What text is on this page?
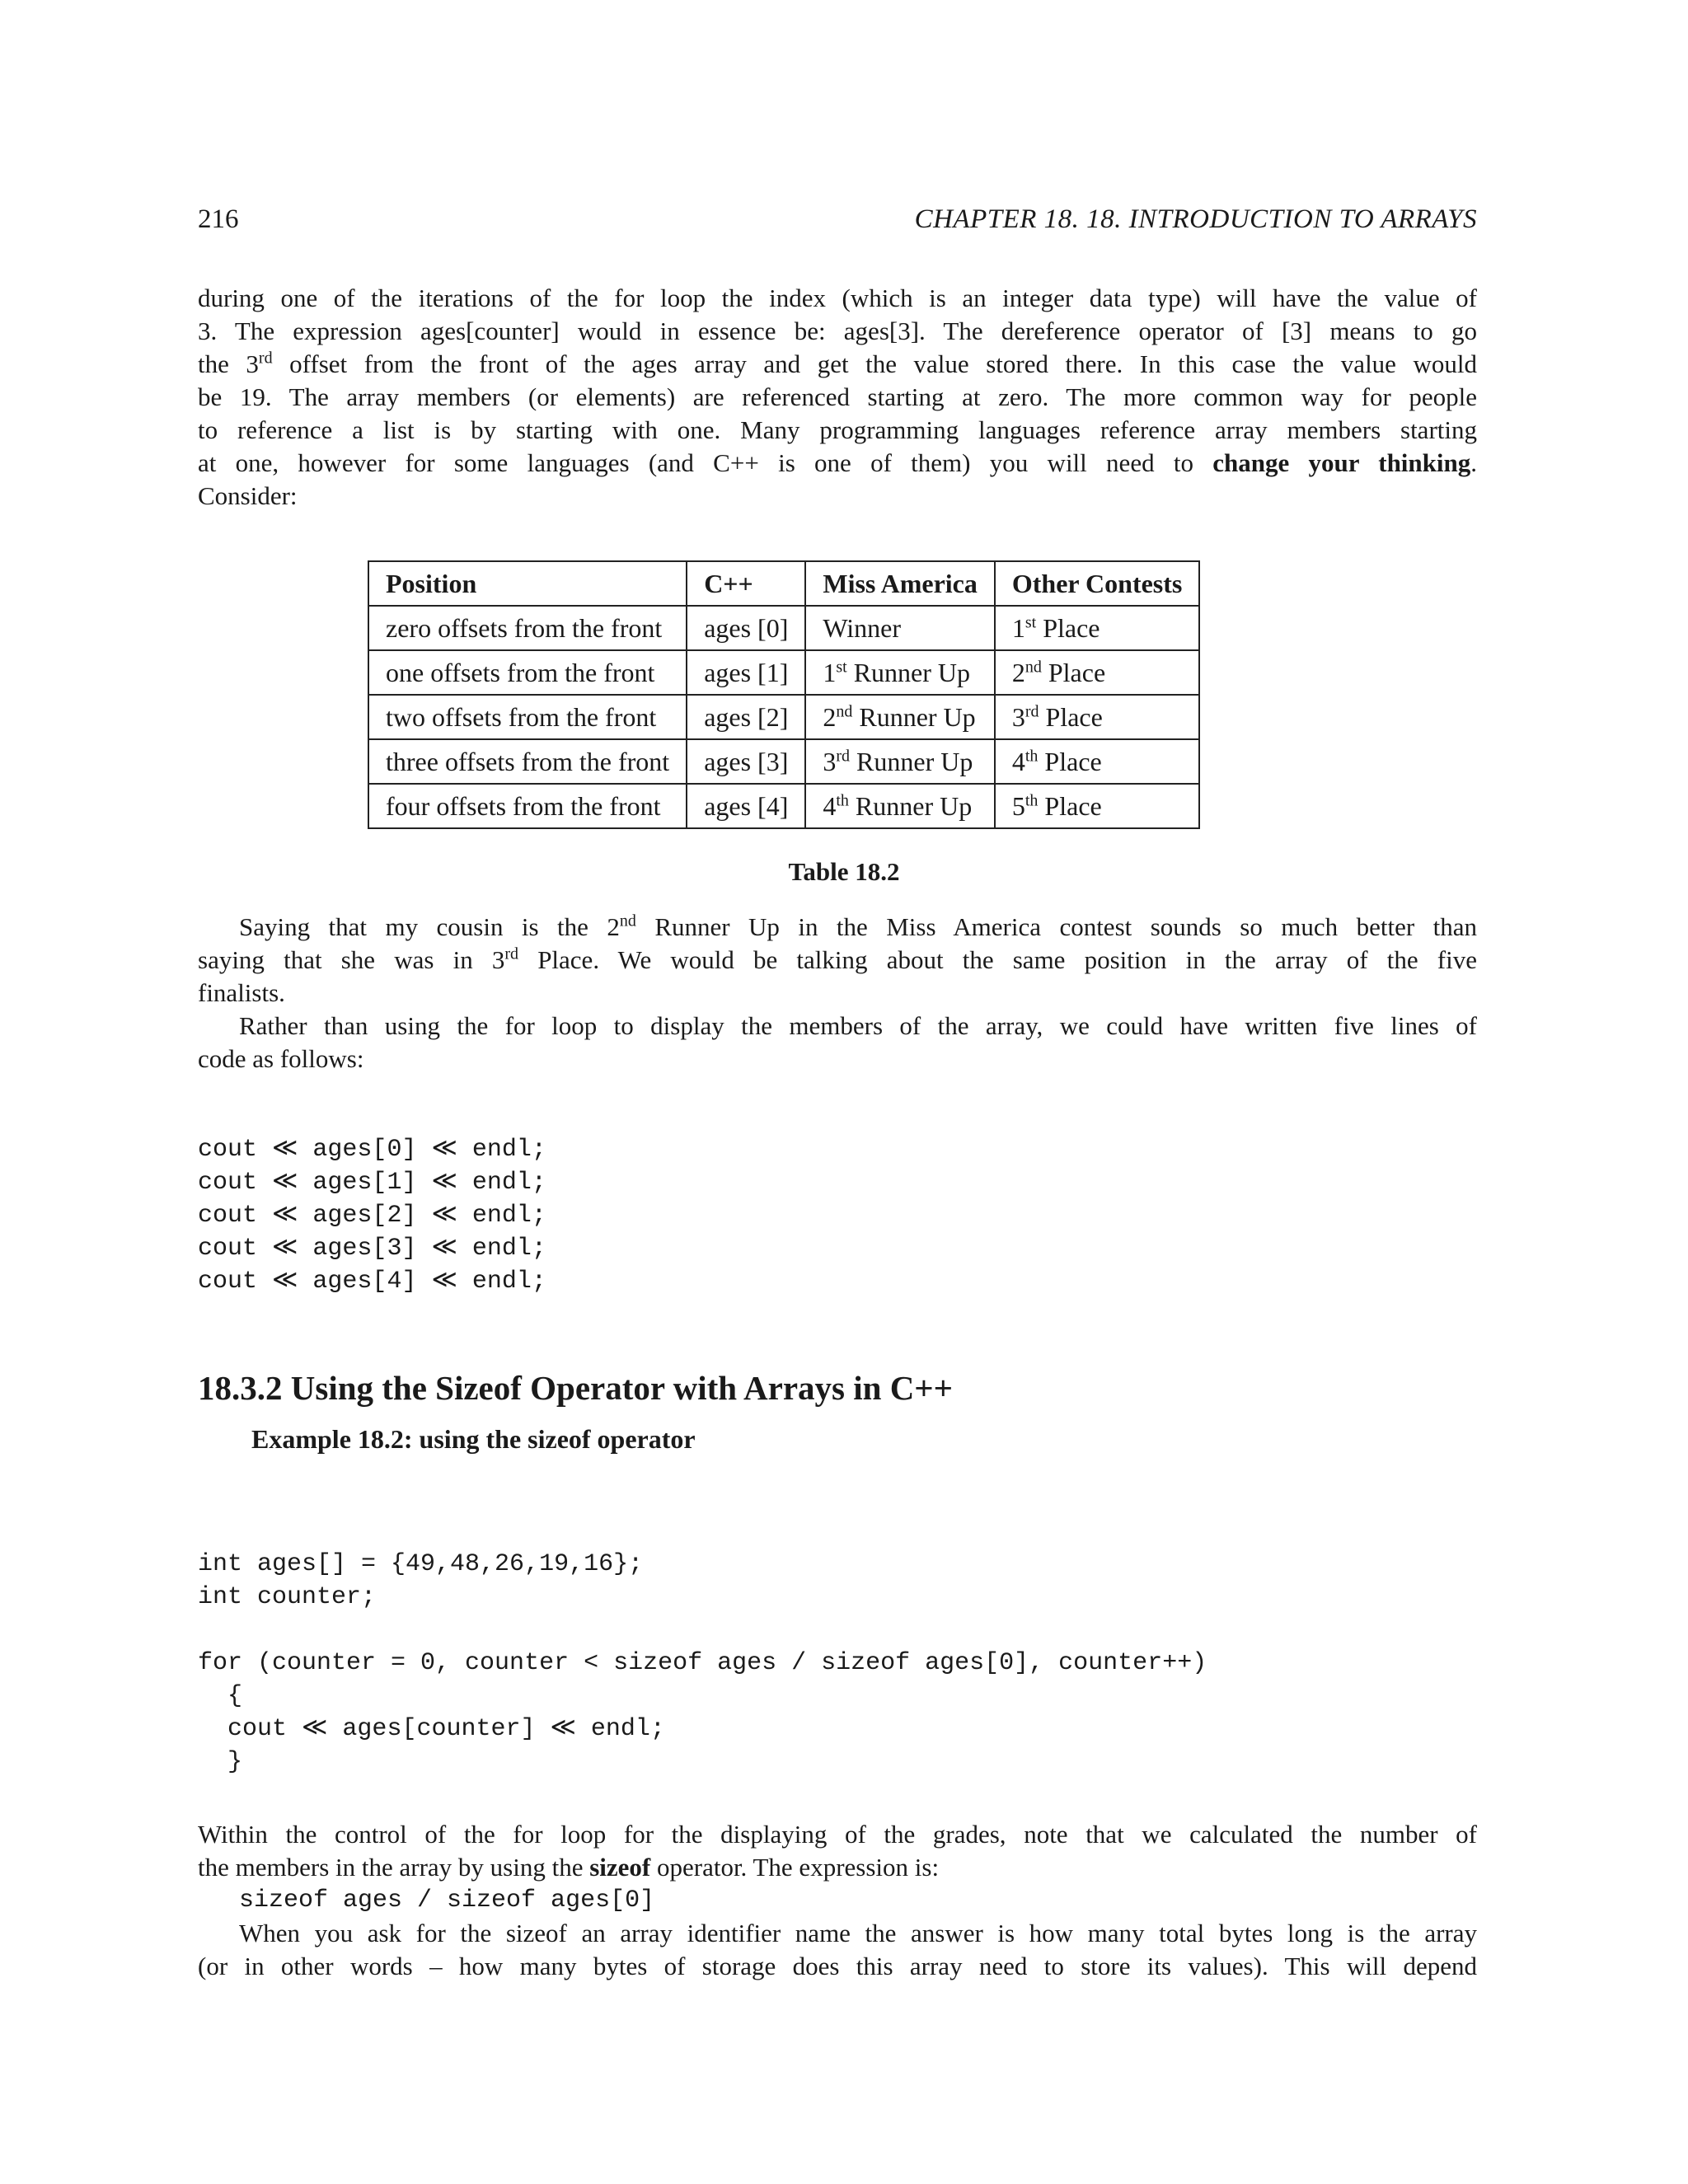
216	CHAPTER 18. 18. INTRODUCTION TO ARRAYS
during one of the iterations of the for loop the index (which is an integer data type) will have the value of
3. The expression ages[counter] would in essence be: ages[3]. The dereference operator of [3] means to go
the 3rd offset from the front of the ages array and get the value stored there. In this case the value would
be 19. The array members (or elements) are referenced starting at zero. The more common way for people
to reference a list is by starting with one. Many programming languages reference array members starting
at one, however for some languages (and C++ is one of them) you will need to change your thinking.
Consider:
Position	C++	Miss America	Other Contests
zero offsets from the front	ages [0]	Winner	1st Place
one offsets from the front	ages [1]	1st Runner Up	2nd Place
two offsets from the front	ages [2]	2nd Runner Up	3rd Place
three offsets from the front	ages [3]	3rd Runner Up	4th Place
four offsets from the front	ages [4]	4th Runner Up	5th Place
Table 18.2
Saying that my cousin is the 2nd Runner Up in the Miss America contest sounds so much better than
saying that she was in 3rd Place. We would be talking about the same position in the array of the five
finalists.
Rather than using the for loop to display the members of the array, we could have written five lines of
code as follows:
cout ≪ ages[0] ≪ endl;
cout ≪ ages[1] ≪ endl;
cout ≪ ages[2] ≪ endl;
cout ≪ ages[3] ≪ endl;
cout ≪ ages[4] ≪ endl;
18.3.2 Using the Sizeof Operator with Arrays in C++
Example 18.2: using the sizeof operator
int ages[] = {49,48,26,19,16};
int counter;

for (counter = 0, counter < sizeof ages / sizeof ages[0], counter++)
{
cout ≪ ages[counter] ≪ endl;
}
Within the control of the for loop for the displaying of the grades, note that we calculated the number of
the members in the array by using the sizeof operator. The expression is:
sizeof ages / sizeof ages[0]
When you ask for the sizeof an array identifier name the answer is how many total bytes long is the array
(or in other words – how many bytes of storage does this array need to store its values). This will depend
